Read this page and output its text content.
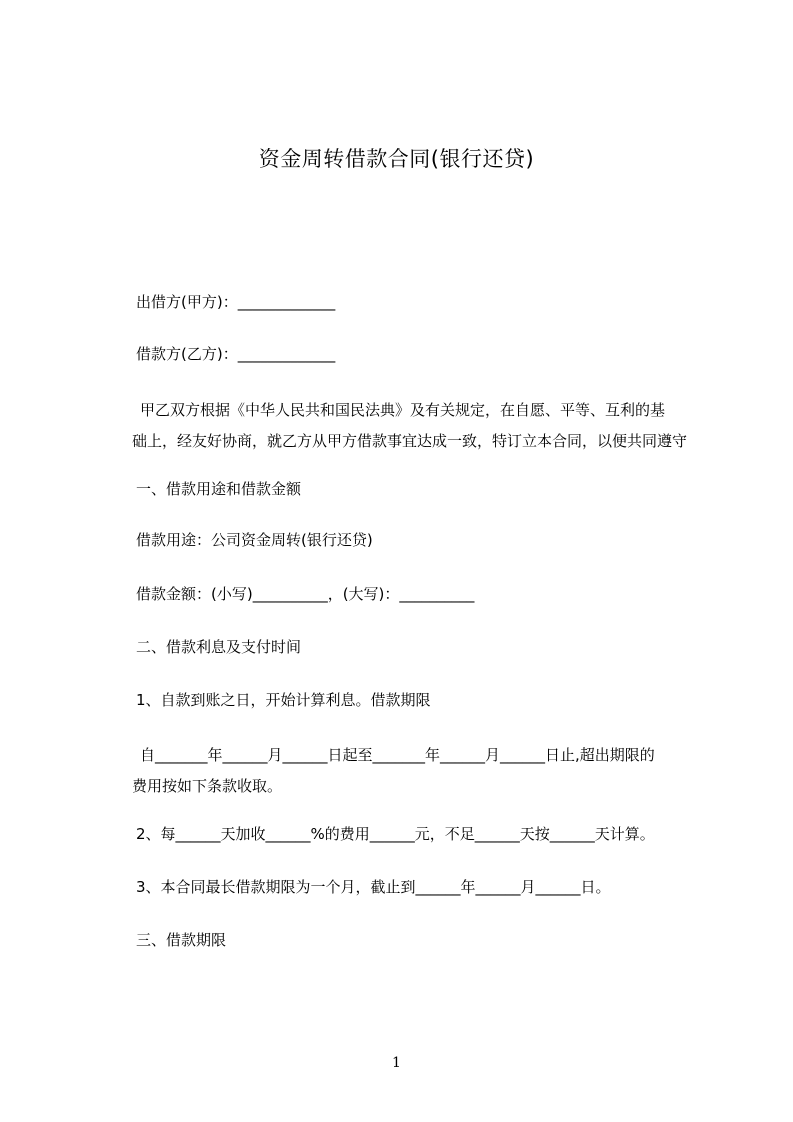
资金周转借款合同(银行还贷)
出借方(甲方)：_____________
借款方(乙方)：_____________
甲乙双方根据《中华人民共和国民法典》及有关规定，在自愿、平等、互利的基
础上，经友好协商，就乙方从甲方借款事宜达成一致，特订立本合同，以便共同遵守
一、借款用途和借款金额
借款用途：公司资金周转(银行还贷)
借款金额：(小写)__________，(大写)：__________
二、借款利息及支付时间
1、自款到账之日，开始计算利息。借款期限
自_______年______月______日起至_______年______月______日止,超出期限的
费用按如下条款收取。
2、每______天加收______%的费用______元，不足______天按______天计算。
3、本合同最长借款期限为一个月，截止到______年______月______日。
三、借款期限
1
